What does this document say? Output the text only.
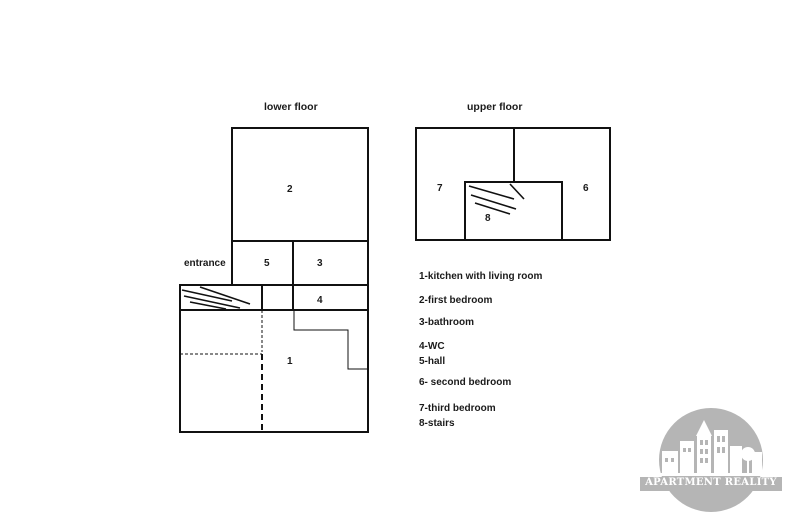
lower floor
2
entrance	5	3
4
1
upper floor
7	6
8
1-kitchen with living room
2-first bedroom
3-bathroom
4-WC
5-hall
6- second bedroom
7-third bedroom
8-stairs
APARTMENT REALITY
